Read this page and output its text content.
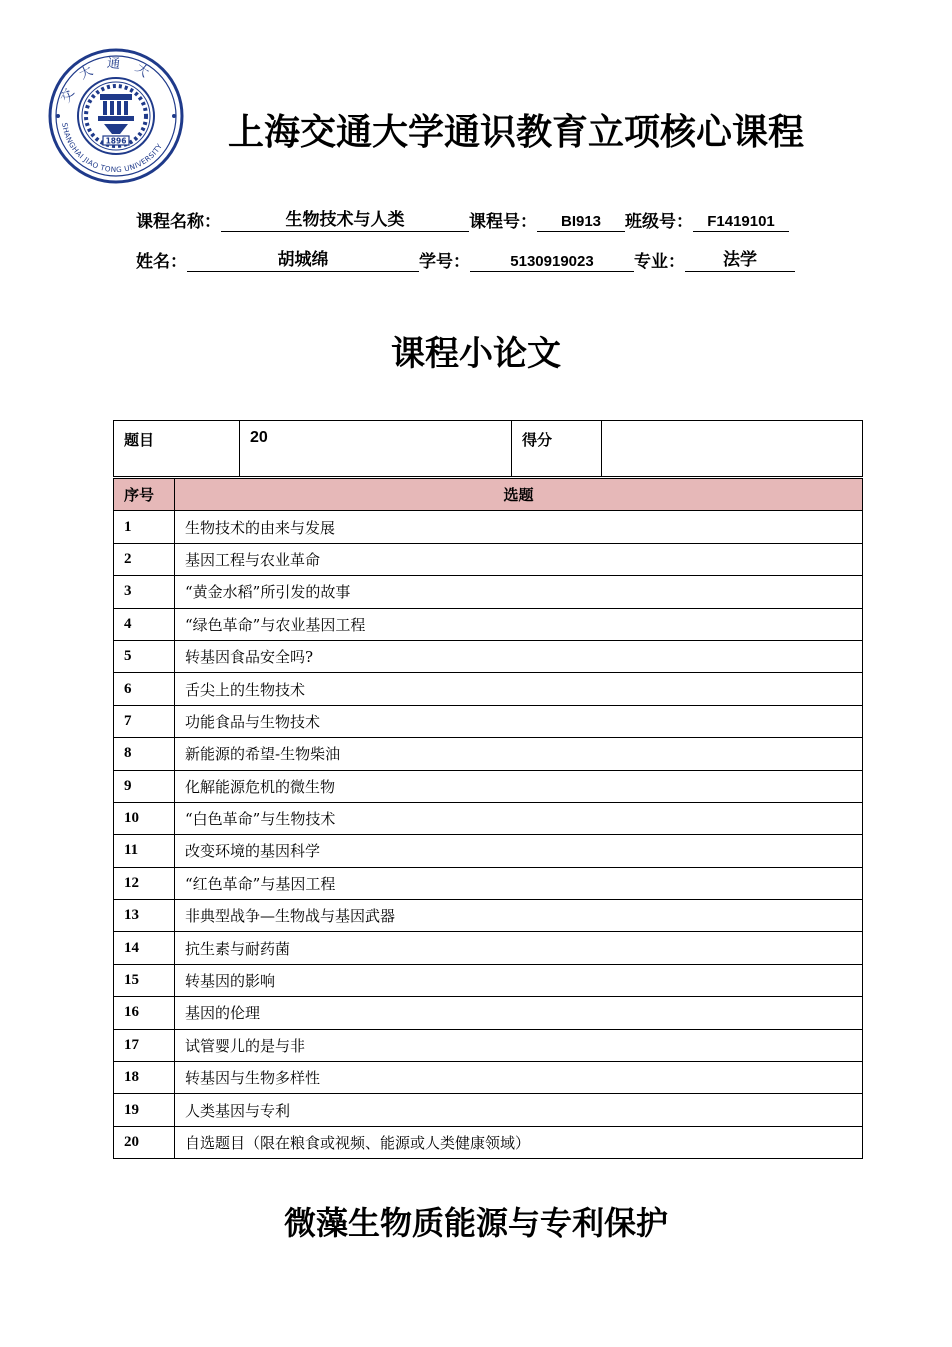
交大通大
SHANGHAI JIAO TONG UNIVERSITY
1896	上海交通大学通识教育立项核心课程
课程名称：	生物技术与人类	课程号：	BI913	班级号： F1419101
姓名：	胡城绵	学号：	5130919023	专业：	法学
课程小论文
题目	20	得分	
序号	选题
1	生物技术的由来与发展
2	基因工程与农业革命
3	“黄金水稻”所引发的故事
4	“绿色革命”与农业基因工程
5	转基因食品安全吗?
6	舌尖上的生物技术
7	功能食品与生物技术
8	新能源的希望-生物柴油
9	化解能源危机的微生物
10	“白色革命”与生物技术
11	改变环境的基因科学
12	“红色革命”与基因工程
13	非典型战争—生物战与基因武器
14	抗生素与耐药菌
15	转基因的影响
16	基因的伦理
17	试管婴儿的是与非
18	转基因与生物多样性
19	人类基因与专利
20	自选题目（限在粮食或视频、能源或人类健康领域）
微藻生物质能源与专利保护
